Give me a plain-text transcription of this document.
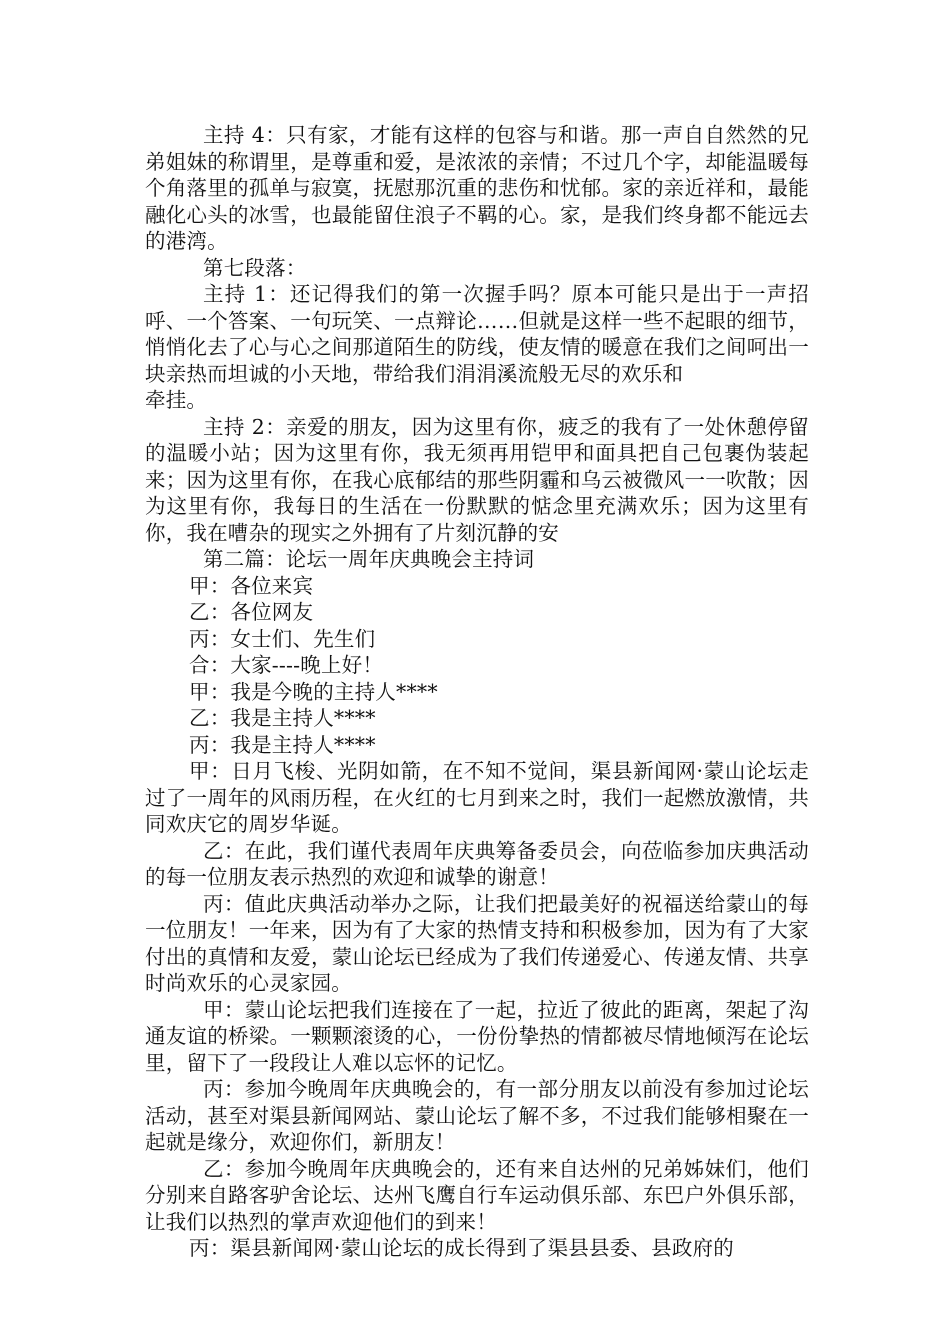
主持 4：只有家，才能有这样的包容与和谐。那一声自自然然的兄弟姐妹的称谓里，是尊重和爱，是浓浓的亲情；不过几个字，却能温暖每个角落里的孤单与寂寞，抚慰那沉重的悲伤和忧郁。家的亲近祥和，最能融化心头的冰雪，也最能留住浪子不羁的心。家，是我们终身都不能远去的港湾。

第七段落：

主持 1：还记得我们的第一次握手吗？原本可能只是出于一声招呼、一个答案、一句玩笑、一点辩论……但就是这样一些不起眼的细节，悄悄化去了心与心之间那道陌生的防线，使友情的暖意在我们之间呵出一块亲热而坦诚的小天地，带给我们涓涓溪流般无尽的欢乐和

牵挂。

主持 2：亲爱的朋友，因为这里有你，疲乏的我有了一处休憩停留的温暖小站；因为这里有你，我无须再用铠甲和面具把自己包裹伪装起来；因为这里有你，在我心底郁结的那些阴霾和乌云被微风一一吹散；因为这里有你，我每日的生活在一份默默的惦念里充满欢乐；因为这里有你，我在嘈杂的现实之外拥有了片刻沉静的安

第二篇：论坛一周年庆典晚会主持词

甲：各位来宾

乙：各位网友

丙：女士们、先生们

合：大家----晚上好！

甲：我是今晚的主持人****

乙：我是主持人****

丙：我是主持人****

甲：日月飞梭、光阴如箭，在不知不觉间，渠县新闻网·蒙山论坛走过了一周年的风雨历程，在火红的七月到来之时，我们一起燃放激情，共同欢庆它的周岁华诞。

乙：在此，我们谨代表周年庆典筹备委员会，向莅临参加庆典活动的每一位朋友表示热烈的欢迎和诚挚的谢意！

丙：值此庆典活动举办之际，让我们把最美好的祝福送给蒙山的每一位朋友！一年来，因为有了大家的热情支持和积极参加，因为有了大家付出的真情和友爱，蒙山论坛已经成为了我们传递爱心、传递友情、共享时尚欢乐的心灵家园。

甲：蒙山论坛把我们连接在了一起，拉近了彼此的距离，架起了沟通友谊的桥梁。一颗颗滚烫的心，一份份挚热的情都被尽情地倾泻在论坛里，留下了一段段让人难以忘怀的记忆。

丙：参加今晚周年庆典晚会的，有一部分朋友以前没有参加过论坛活动，甚至对渠县新闻网站、蒙山论坛了解不多，不过我们能够相聚在一起就是缘分，欢迎你们，新朋友！

乙：参加今晚周年庆典晚会的，还有来自达州的兄弟姊妹们，他们分别来自路客驴舍论坛、达州飞鹰自行车运动俱乐部、东巴户外俱乐部，让我们以热烈的掌声欢迎他们的到来！

丙：渠县新闻网·蒙山论坛的成长得到了渠县县委、县政府的
